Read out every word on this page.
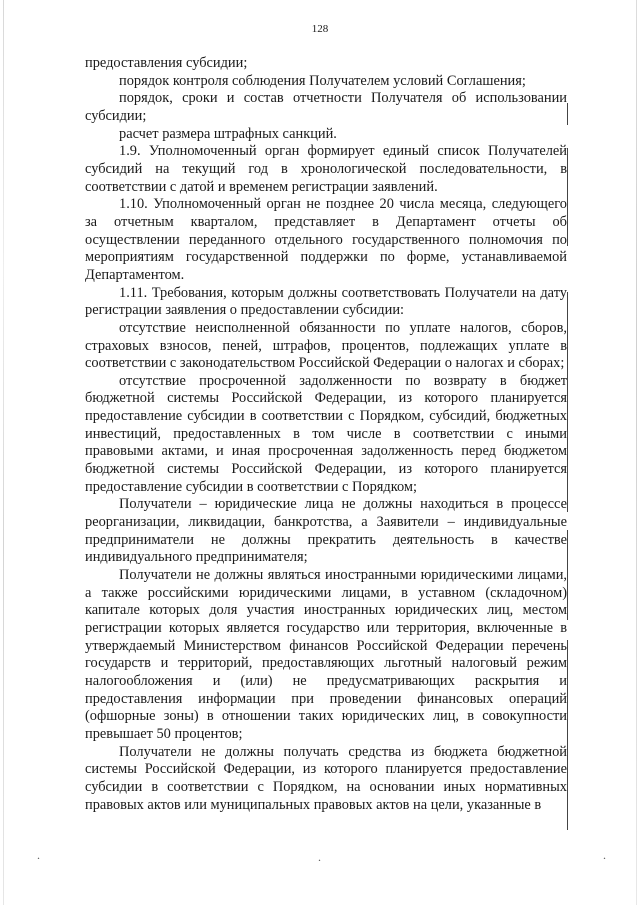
128

предоставления субсидии;

порядок контроля соблюдения Получателем условий Соглашения;

порядок, сроки и состав отчетности Получателя об использовании субсидии;

расчет размера штрафных санкций.

1.9. Уполномоченный орган формирует единый список Получателей субсидий на текущий год в хронологической последовательности, в соответствии с датой и временем регистрации заявлений.

1.10. Уполномоченный орган не позднее 20 числа месяца, следующего за отчетным кварталом, представляет в Департамент отчеты об осуществлении переданного отдельного государственного полномочия по мероприятиям государственной поддержки по форме, устанавливаемой Департаментом.

1.11. Требования, которым должны соответствовать Получатели на дату регистрации заявления о предоставлении субсидии:

отсутствие неисполненной обязанности по уплате налогов, сборов, страховых взносов, пеней, штрафов, процентов, подлежащих уплате в соответствии с законодательством Российской Федерации о налогах и сборах;

отсутствие просроченной задолженности по возврату в бюджет бюджетной системы Российской Федерации, из которого планируется предоставление субсидии в соответствии с Порядком, субсидий, бюджетных инвестиций, предоставленных в том числе в соответствии с иными правовыми актами, и иная просроченная задолженность перед бюджетом бюджетной системы Российской Федерации, из которого планируется предоставление субсидии в соответствии с Порядком;

Получатели – юридические лица не должны находиться в процессе реорганизации, ликвидации, банкротства, а Заявители – индивидуальные предприниматели не должны прекратить деятельность в качестве индивидуального предпринимателя;

Получатели не должны являться иностранными юридическими лицами, а также российскими юридическими лицами, в уставном (складочном) капитале которых доля участия иностранных юридических лиц, местом регистрации которых является государство или территория, включенные в утверждаемый Министерством финансов Российской Федерации перечень государств и территорий, предоставляющих льготный налоговый режим налогообложения и (или) не предусматривающих раскрытия и предоставления информации при проведении финансовых операций (офшорные зоны) в отношении таких юридических лиц, в совокупности превышает 50 процентов;

Получатели не должны получать средства из бюджета бюджетной системы Российской Федерации, из которого планируется предоставление субсидии в соответствии с Порядком, на основании иных нормативных правовых актов или муниципальных правовых актов на цели, указанные в

.	.	.
